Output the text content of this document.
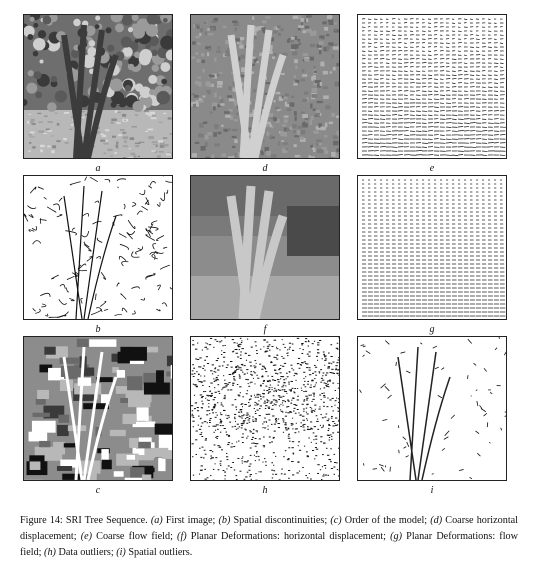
a	d	e
b	f	g
c	h	i
Figure 14: SRI Tree Sequence. (a) First image; (b) Spatial discontinuities; (c) Order of the model; (d) Coarse horizontal displacement; (e) Coarse flow field; (f) Planar Deformations: horizontal displacement; (g) Planar Deformations: flow field; (h) Data outliers; (i) Spatial outliers.
